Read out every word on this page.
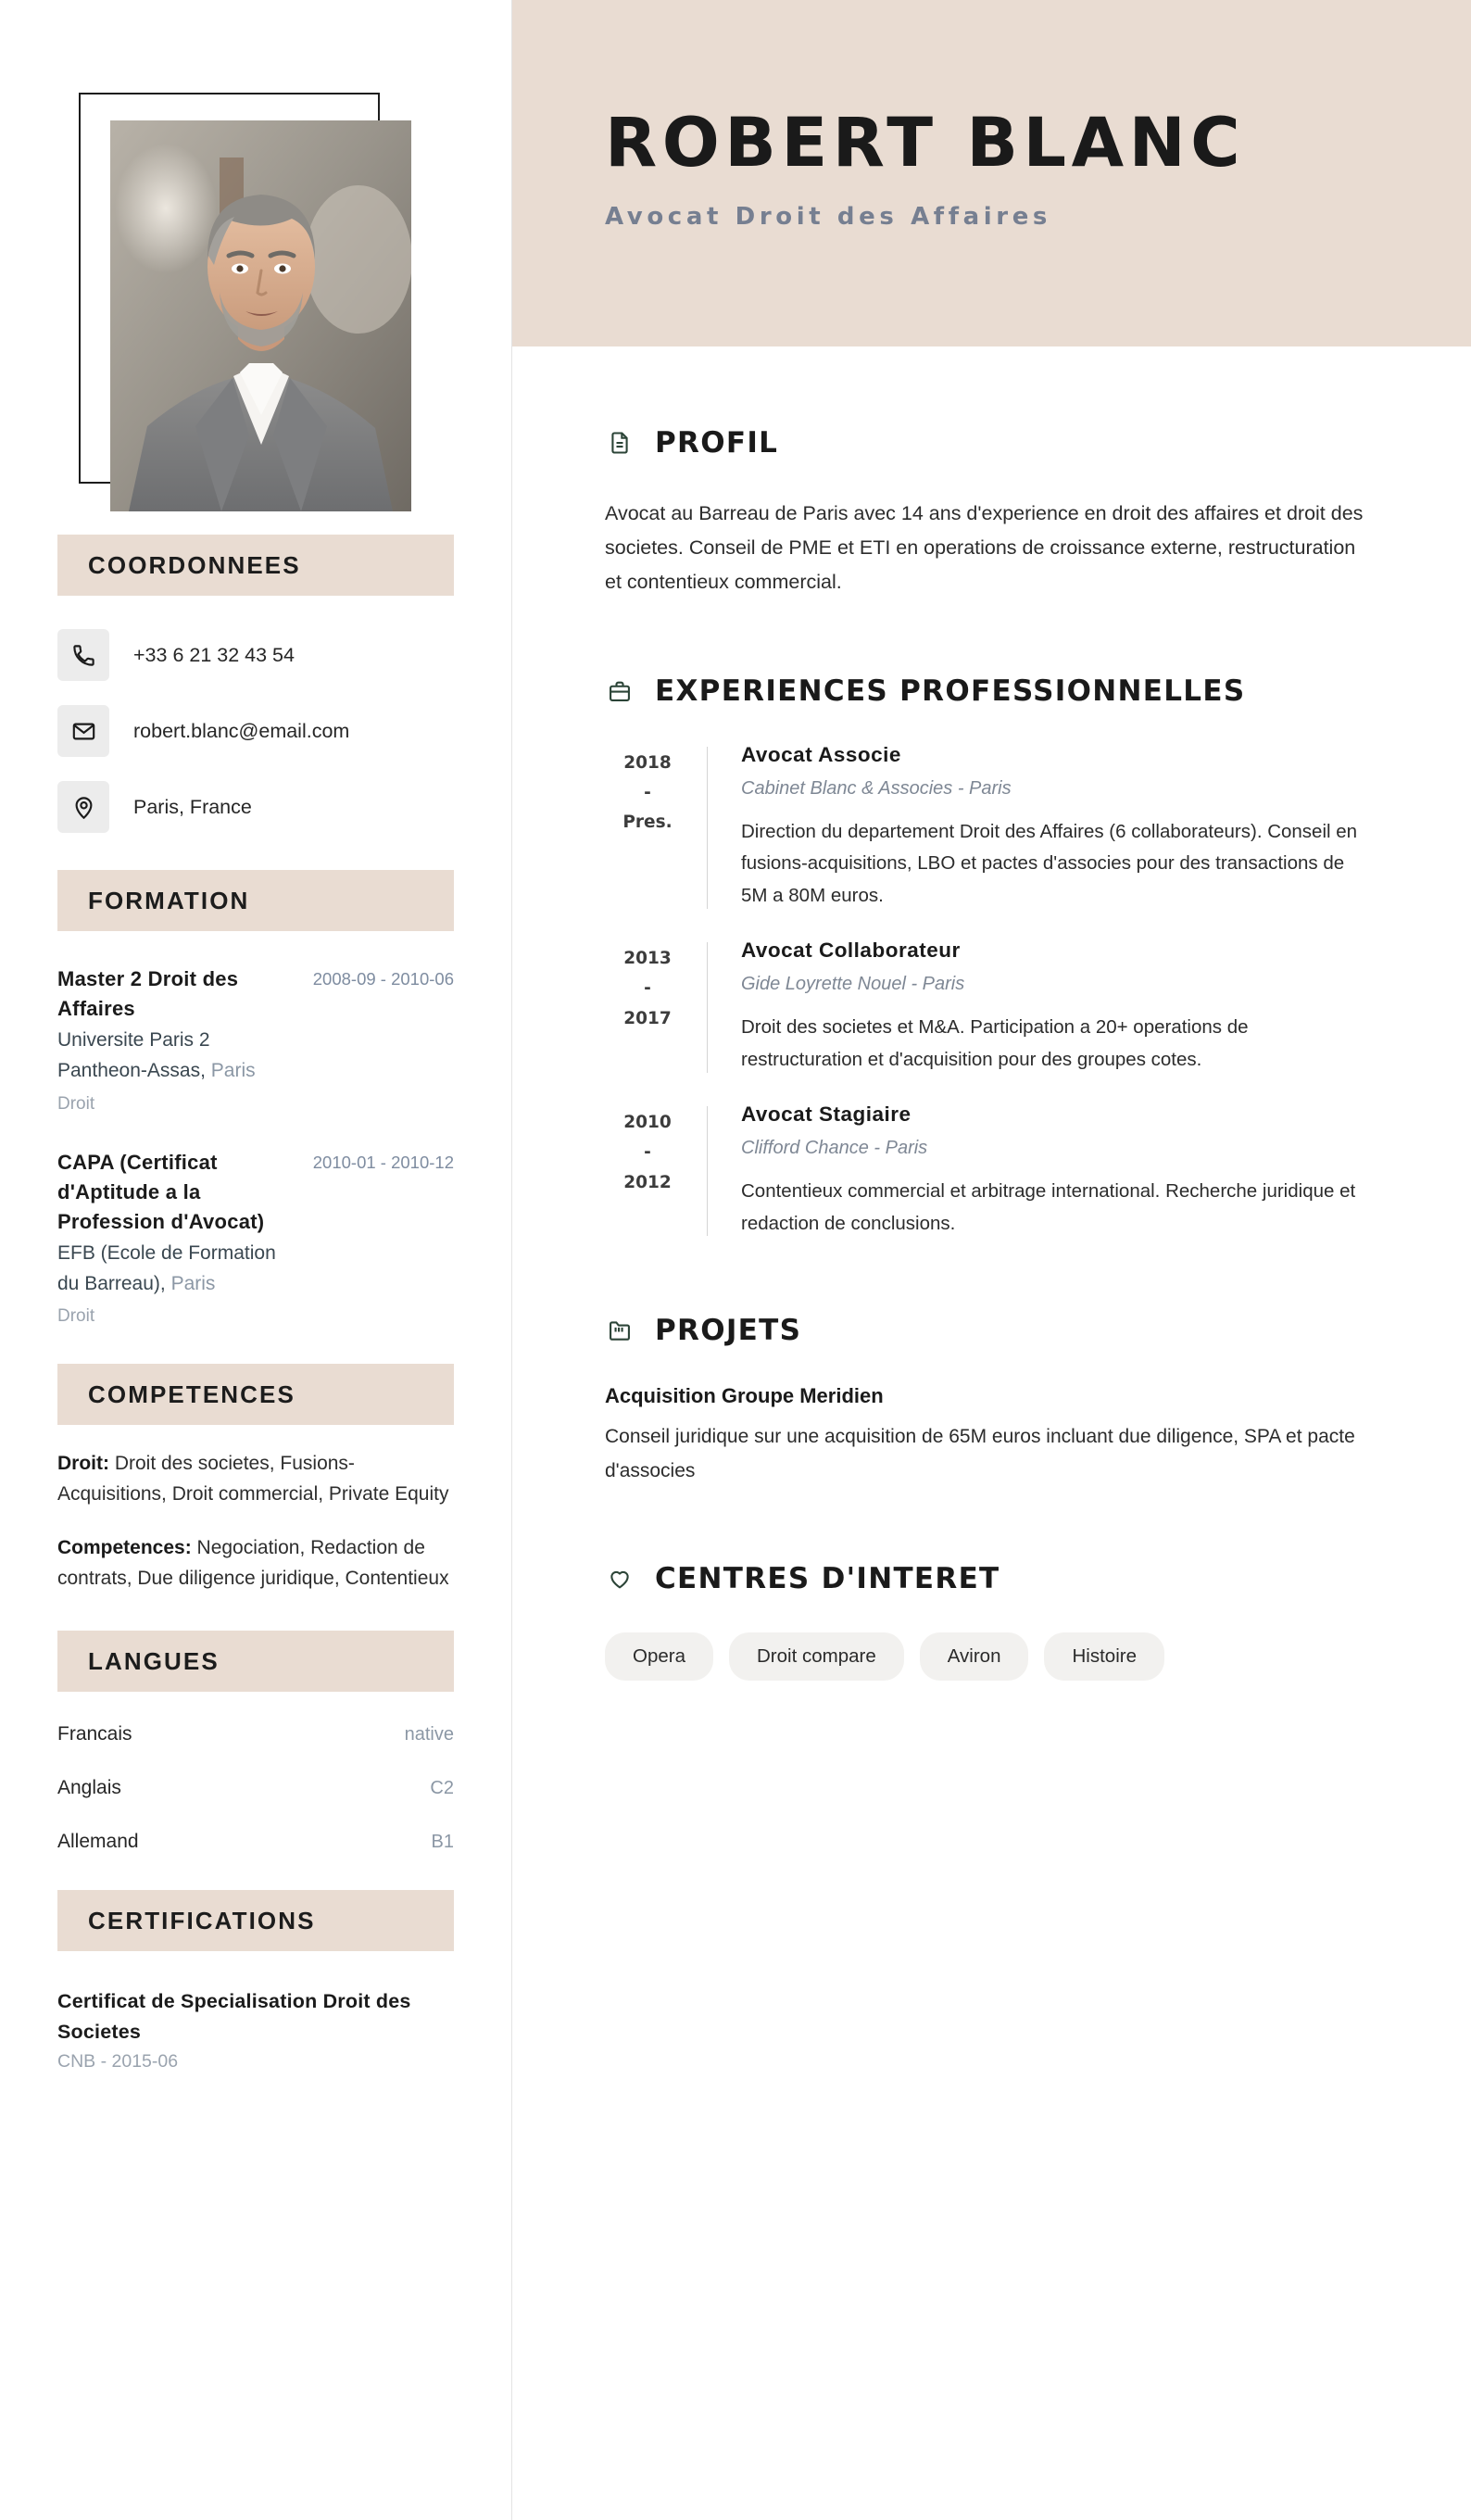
COORDONNEES
+33 6 21 32 43 54
robert.blanc@email.com
Paris, France
FORMATION
Master 2 Droit des Affaires
Universite Paris 2 Pantheon-Assas, Paris
Droit
2008-09 - 2010-06
CAPA (Certificat d'Aptitude a la Profession d'Avocat)
EFB (Ecole de Formation du Barreau), Paris
Droit
2010-01 - 2010-12
COMPETENCES
Droit: Droit des societes, Fusions-Acquisitions, Droit commercial, Private Equity
Competences: Negociation, Redaction de contrats, Due diligence juridique, Contentieux
LANGUES
Francais	native
Anglais	C2
Allemand	B1
CERTIFICATIONS
Certificat de Specialisation Droit des Societes
CNB - 2015-06
ROBERT BLANC
Avocat Droit des Affaires
PROFIL

Avocat au Barreau de Paris avec 14 ans d'experience en droit des affaires et droit des societes. Conseil de PME et ETI en operations de croissance externe, restructuration et contentieux commercial.

EXPERIENCES PROFESSIONNELLES
2018
-
Pres.
Avocat Associe
Cabinet Blanc & Associes - Paris
Direction du departement Droit des Affaires (6 collaborateurs). Conseil en fusions-acquisitions, LBO et pactes d'associes pour des transactions de 5M a 80M euros.
2013
-
2017
Avocat Collaborateur
Gide Loyrette Nouel - Paris
Droit des societes et M&A. Participation a 20+ operations de restructuration et d'acquisition pour des groupes cotes.
2010
-
2012
Avocat Stagiaire
Clifford Chance - Paris
Contentieux commercial et arbitrage international. Recherche juridique et redaction de conclusions.
PROJETS
Acquisition Groupe Meridien
Conseil juridique sur une acquisition de 65M euros incluant due diligence, SPA et pacte d'associes
CENTRES D'INTERET
Opera	Droit compare	Aviron	Histoire
